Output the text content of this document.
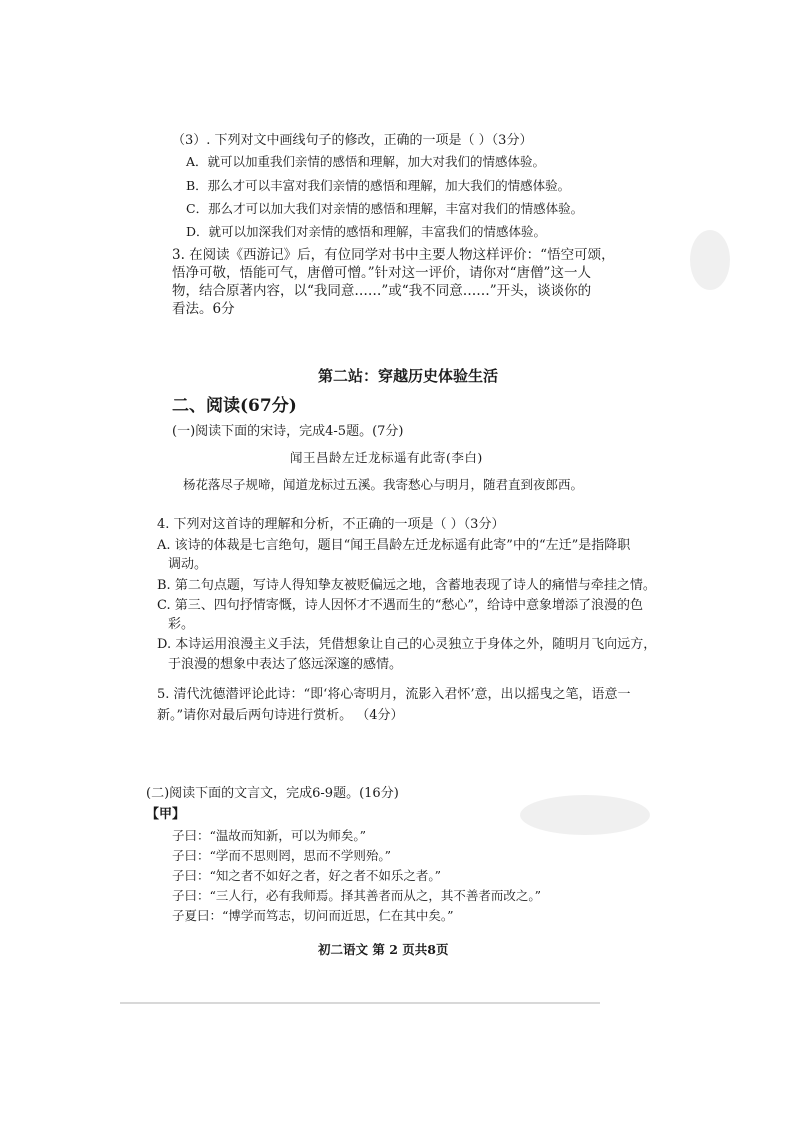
（3）. 下列对文中画线句子的修改，正确的一项是（ ）（3分）
A．就可以加重我们亲情的感悟和理解，加大对我们的情感体验。
B．那么才可以丰富对我们亲情的感悟和理解，加大我们的情感体验。
C．那么才可以加大我们对亲情的感悟和理解，丰富对我们的情感体验。
D．就可以加深我们对亲情的感悟和理解，丰富我们的情感体验。
3. 在阅读《西游记》后，有位同学对书中主要人物这样评价：“悟空可颂，
悟净可敬，悟能可气，唐僧可憎。”针对这一评价，请你对“唐僧”这一人
物，结合原著内容，以“我同意……”或“我不同意……”开头，谈谈你的
看法。6分
第二站：穿越历史体验生活
二、阅读(67分)
(一)阅读下面的宋诗，完成4-5题。(7分)
闻王昌龄左迁龙标遥有此寄(李白)
杨花落尽子规啼，闻道龙标过五溪。我寄愁心与明月，随君直到夜郎西。
4. 下列对这首诗的理解和分析，不正确的一项是（ ）（3分）
A. 该诗的体裁是七言绝句，题目“闻王昌龄左迁龙标遥有此寄”中的“左迁”是指降职
调动。
B. 第二句点题，写诗人得知挚友被贬偏远之地，含蓄地表现了诗人的痛惜与牵挂之情。
C. 第三、四句抒情寄慨，诗人因怀才不遇而生的“愁心”，给诗中意象增添了浪漫的色
彩。
D. 本诗运用浪漫主义手法，凭借想象让自己的心灵独立于身体之外，随明月飞向远方，
于浪漫的想象中表达了悠远深邃的感情。
5. 清代沈德潜评论此诗：“即‘将心寄明月，流影入君怀’意，出以摇曳之笔，语意一
新。”请你对最后两句诗进行赏析。 （4分）
(二)阅读下面的文言文，完成6-9题。(16分)
【甲】
子曰：“温故而知新，可以为师矣。”
子曰：“学而不思则罔，思而不学则殆。”
子曰：“知之者不如好之者，好之者不如乐之者。”
子曰：“三人行，必有我师焉。择其善者而从之，其不善者而改之。”
子夏曰：“博学而笃志，切问而近思，仁在其中矣。”
初二语文 第 2 页共8页
